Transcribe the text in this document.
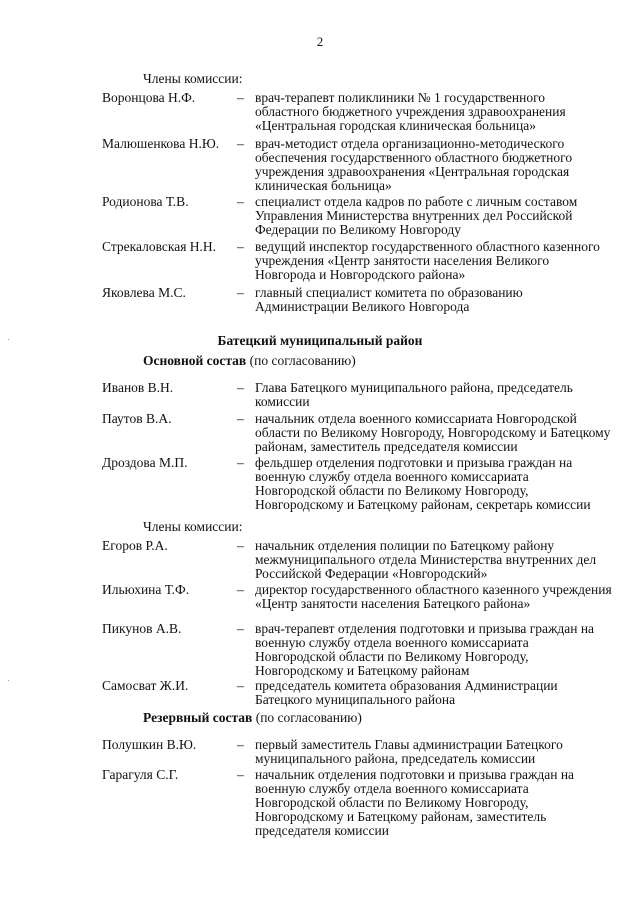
2
Члены комиссии:
Воронцова Н.Ф.	– врач-терапевт поликлиники № 1 государственного областного бюджетного учреждения здравоохранения «Центральная городская клиническая больница»
Малюшенкова Н.Ю. – врач-методист отдела организационно-методического обеспечения государственного областного бюджетного учреждения здравоохранения «Центральная городская клиническая больница»
Родионова Т.В.	– специалист отдела кадров по работе с личным составом Управления Министерства внутренних дел Российской Федерации по Великому Новгороду
Стрекаловская Н.Н. – ведущий инспектор государственного областного казенного учреждения «Центр занятости населения Великого Новгорода и Новгородского района»
Яковлева М.С.	– главный специалист комитета по образованию Администрации Великого Новгорода
Батецкий муниципальный район
Основной состав (по согласованию)
Иванов В.Н.	– Глава Батецкого муниципального района, председатель комиссии
Паутов В.А.	– начальник отдела военного комиссариата Новгородской области по Великому Новгороду, Новгородскому и Батецкому районам, заместитель председателя комиссии
Дроздова М.П.	– фельдшер отделения подготовки и призыва граждан на военную службу отдела военного комиссариата Новгородской области по Великому Новгороду, Новгородскому и Батецкому районам, секретарь комиссии
Члены комиссии:
Егоров Р.А.	– начальник отделения полиции по Батецкому району межмуниципального отдела Министерства внутренних дел Российской Федерации «Новгородский»
Ильюхина Т.Ф.	– директор государственного областного казенного учреждения «Центр занятости населения Батецкого района»
Пикунов А.В.	– врач-терапевт отделения подготовки и призыва граждан на военную службу отдела военного комиссариата Новгородской области по Великому Новгороду, Новгородскому и Батецкому районам
Самосват Ж.И.	– председатель комитета образования Администрации Батецкого муниципального района
Резервный состав (по согласованию)
Полушкин В.Ю.	– первый заместитель Главы администрации Батецкого муниципального района, председатель комиссии
Гарагуля С.Г.	– начальник отделения подготовки и призыва граждан на военную службу отдела военного комиссариата Новгородской области по Великому Новгороду, Новгородскому и Батецкому районам, заместитель председателя комиссии
